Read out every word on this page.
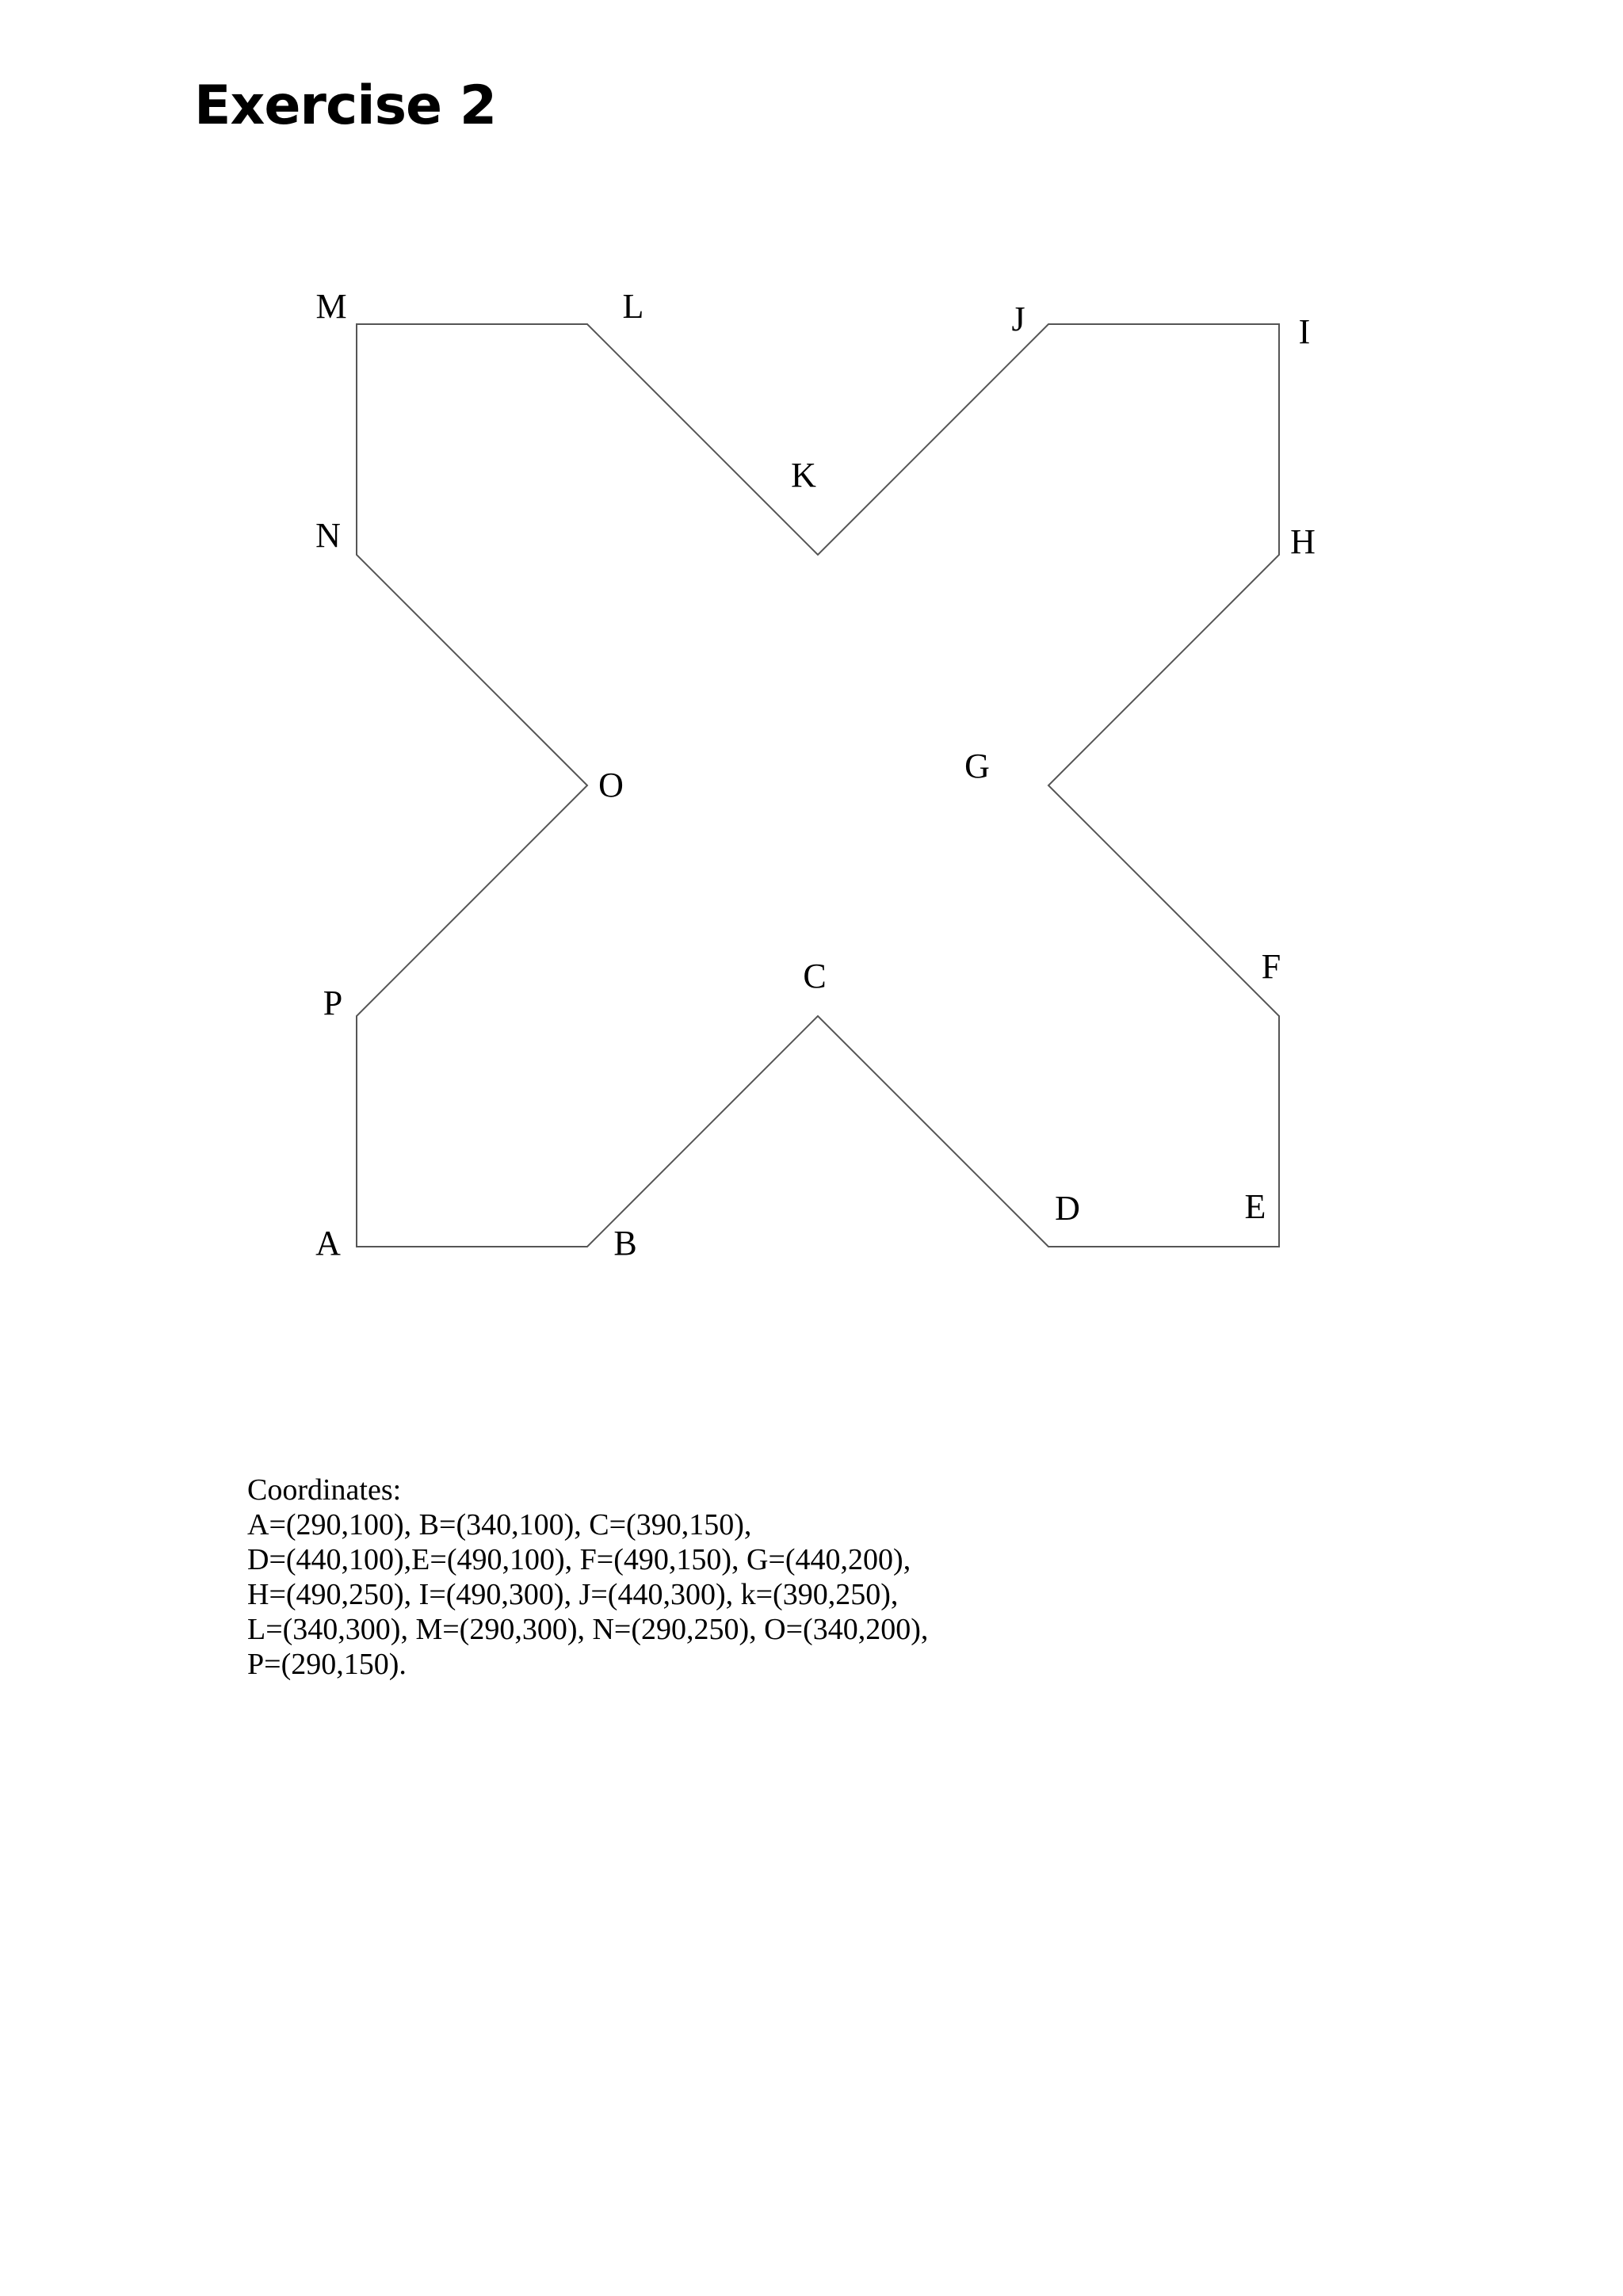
Exercise 2
A	B
C
D	E
F
G
H
I
J
K
L
M
N
O
P
Coordinates:
A=(290,100), B=(340,100), C=(390,150),
D=(440,100),E=(490,100), F=(490,150), G=(440,200),
H=(490,250), I=(490,300), J=(440,300), k=(390,250),
L=(340,300), M=(290,300), N=(290,250), O=(340,200),
P=(290,150).
